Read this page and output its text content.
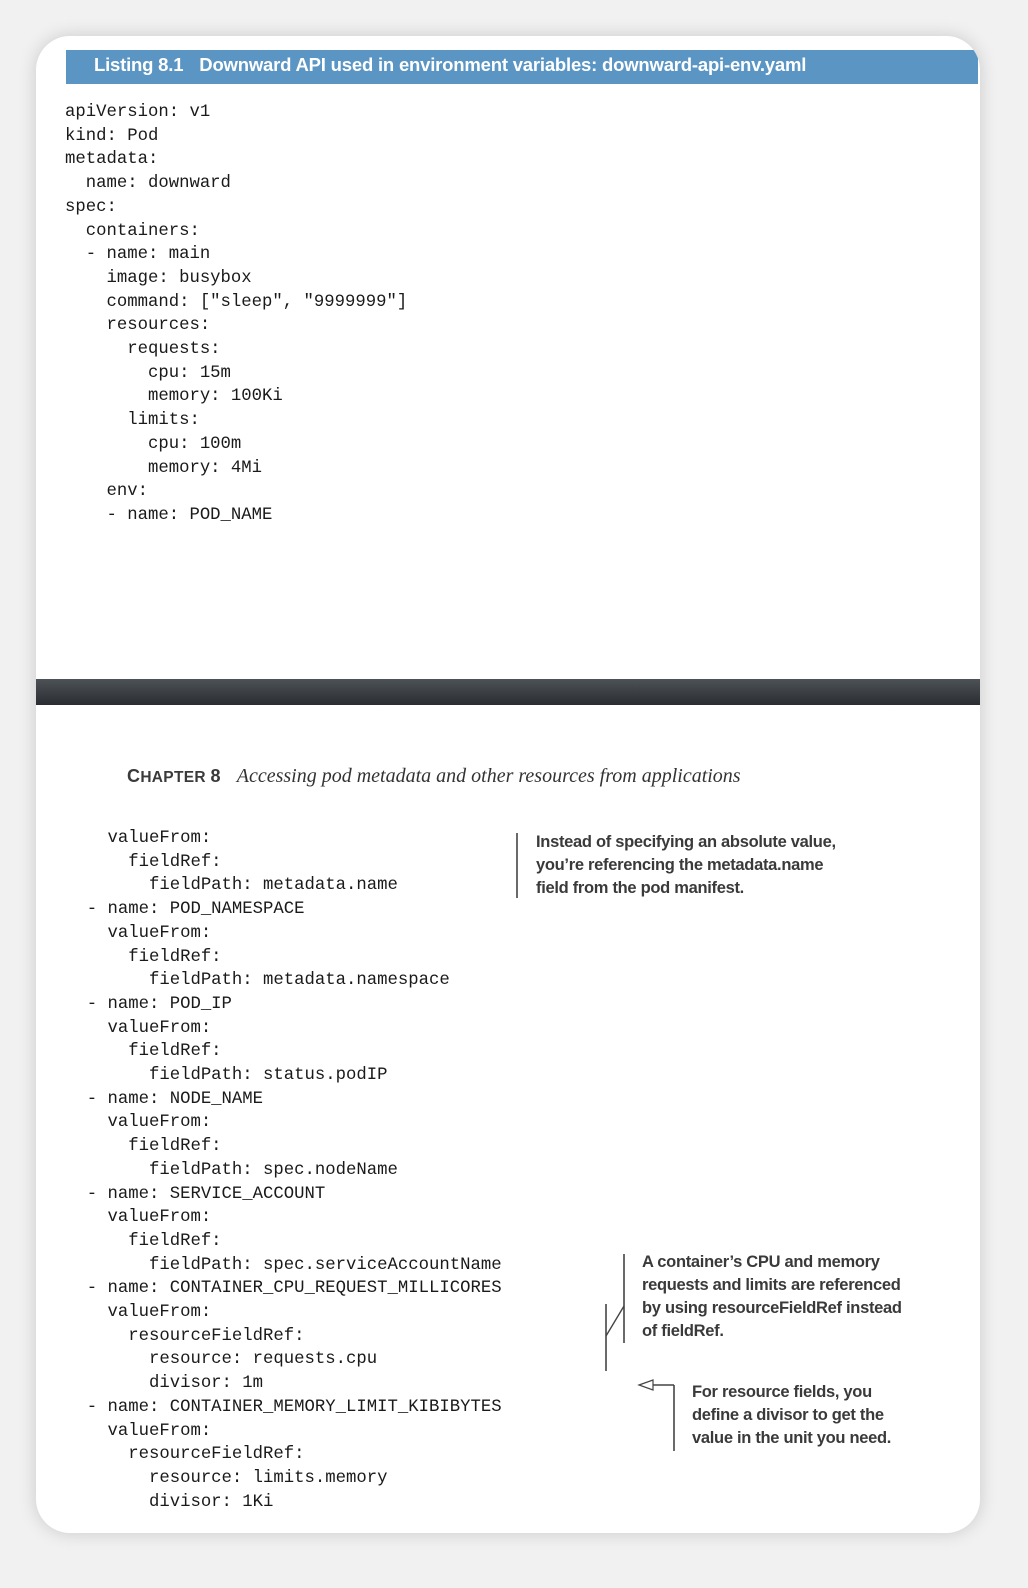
Listing 8.1 Downward API used in environment variables: downward-api-env.yaml
apiVersion: v1
kind: Pod
metadata:
name: downward
spec:
containers:
- name: main
image: busybox
command: ["sleep", "9999999"]
resources:
requests:
cpu: 15m
memory: 100Ki
limits:
cpu: 100m
memory: 4Mi
env:
- name: POD_NAME
CHAPTER 8 Accessing pod metadata and other resources from applications
valueFrom:
fieldRef:
fieldPath: metadata.name
- name: POD_NAMESPACE
valueFrom:
fieldRef:
fieldPath: metadata.namespace
- name: POD_IP
valueFrom:
fieldRef:
fieldPath: status.podIP
- name: NODE_NAME
valueFrom:
fieldRef:
fieldPath: spec.nodeName
- name: SERVICE_ACCOUNT
valueFrom:
fieldRef:
fieldPath: spec.serviceAccountName
- name: CONTAINER_CPU_REQUEST_MILLICORES
valueFrom:
resourceFieldRef:
resource: requests.cpu
divisor: 1m
- name: CONTAINER_MEMORY_LIMIT_KIBIBYTES
valueFrom:
resourceFieldRef:
resource: limits.memory
divisor: 1Ki
Instead of specifying an absolute value,
you’re referencing the metadata.name
field from the pod manifest.
A container’s CPU and memory
requests and limits are referenced
by using resourceFieldRef instead
of fieldRef.
For resource fields, you
define a divisor to get the
value in the unit you need.
